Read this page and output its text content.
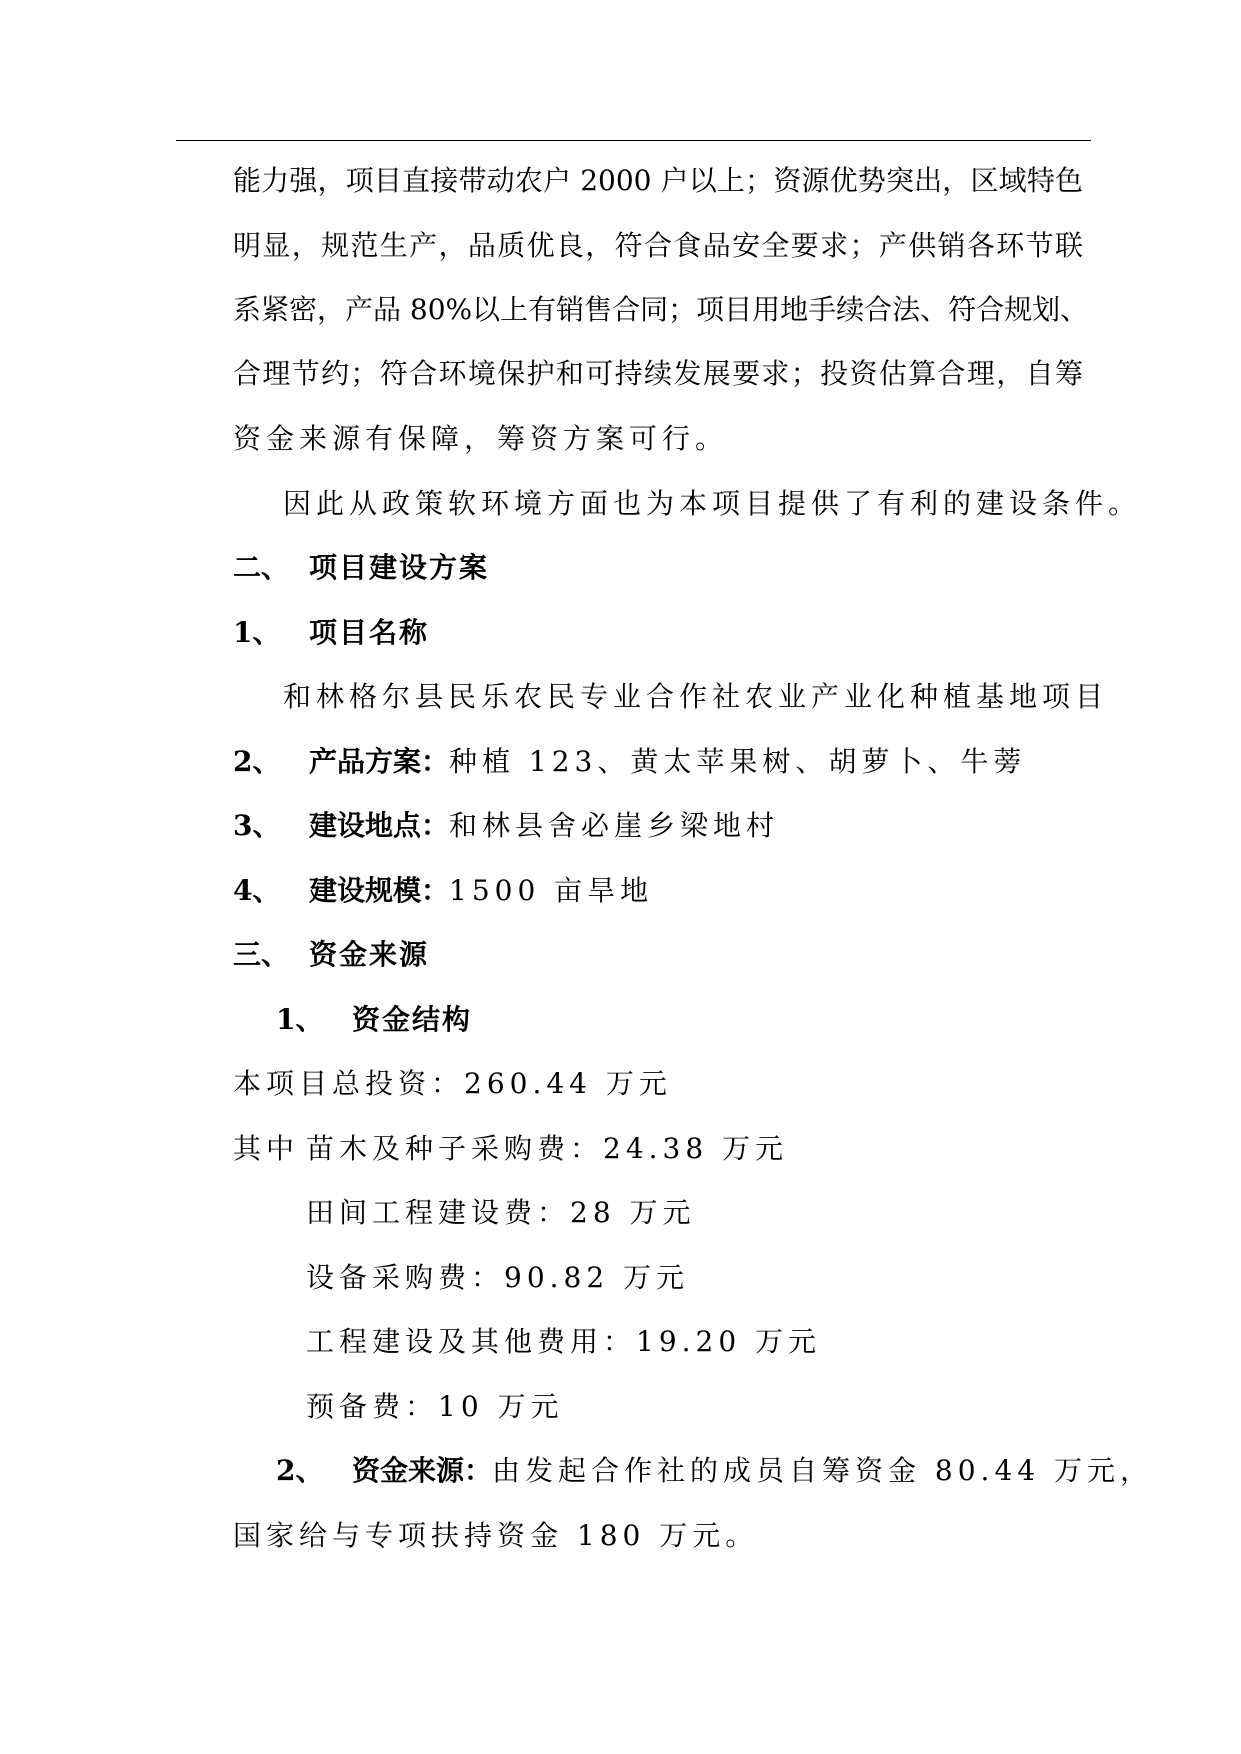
能力强，项目直接带动农户 2000 户以上；资源优势突出，区域特色
明显，规范生产，品质优良，符合食品安全要求；产供销各环节联
系紧密，产品 80%以上有销售合同；项目用地手续合法、符合规划、
合理节约；符合环境保护和可持续发展要求；投资估算合理，自筹
资金来源有保障，筹资方案可行。
因此从政策软环境方面也为本项目提供了有利的建设条件。
二、 项目建设方案
1、 项目名称
和林格尔县民乐农民专业合作社农业产业化种植基地项目
2、 产品方案：种植 123、黄太苹果树、胡萝卜、牛蒡
3、 建设地点：和林县舍必崖乡梁地村
4、 建设规模：1500 亩旱地
三、 资金来源
1、 资金结构
本项目总投资：260.44 万元
其中 苗木及种子采购费：24.38 万元
田间工程建设费：28 万元
设备采购费：90.82 万元
工程建设及其他费用：19.20 万元
预备费：10 万元
2、 资金来源：由发起合作社的成员自筹资金 80.44 万元，
国家给与专项扶持资金 180 万元。
